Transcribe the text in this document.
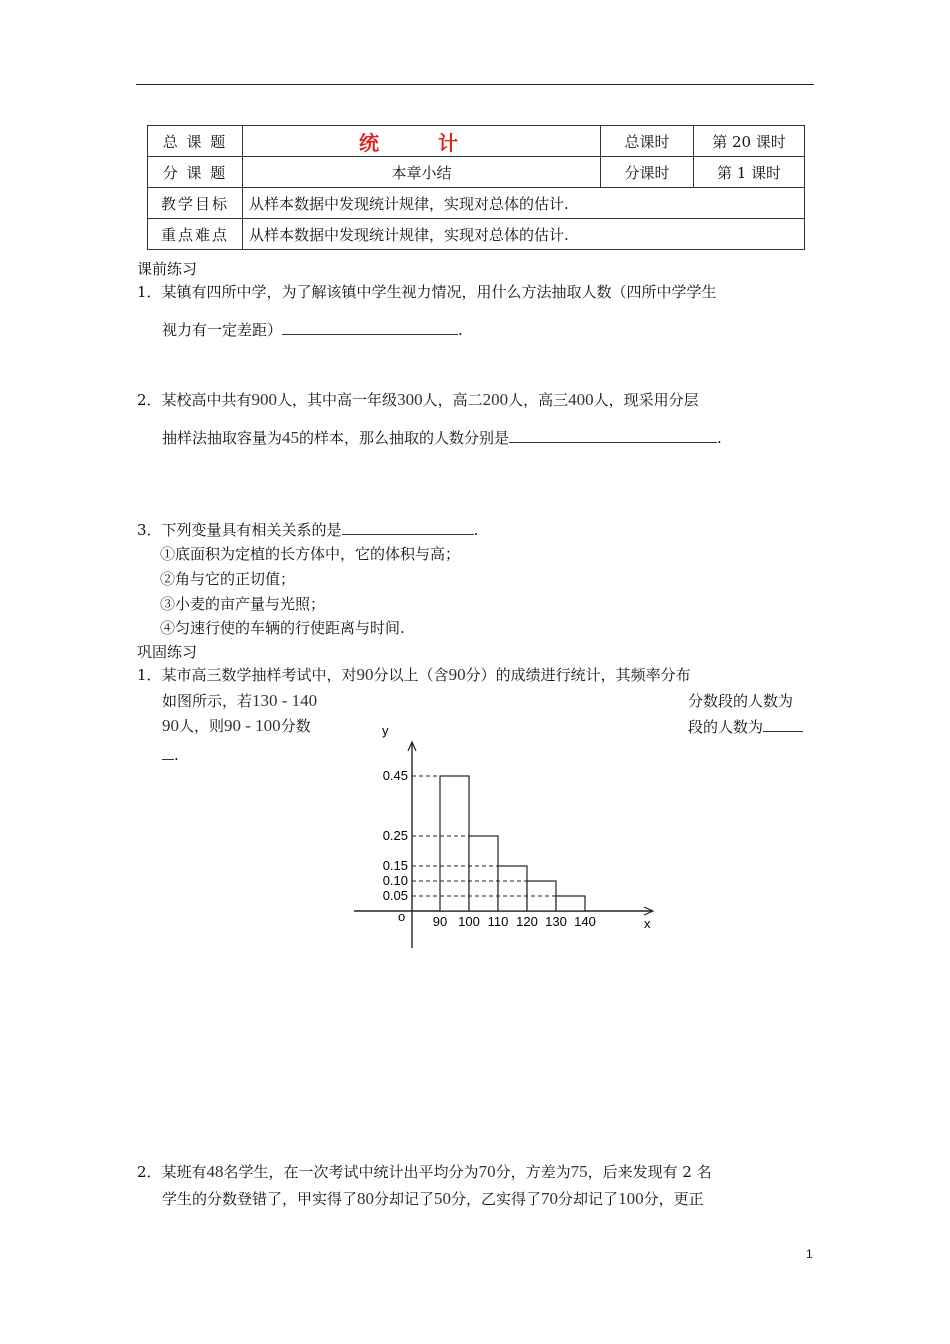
总 课 题	统 计	总课时	第 20 课时
分 课 题	本章小结	分课时	第 1 课时
教学目标	从样本数据中发现统计规律，实现对总体的估计.		
重点难点	从样本数据中发现统计规律，实现对总体的估计.		
课前练习
1．某镇有四所中学，为了解该镇中学生视力情况，用什么方法抽取人数（四所中学学生
视力有一定差距）	.
2．某校高中共有900人，其中高一年级300人，高二200人，高三400人，现采用分层
抽样法抽取容量为45的样本，那么抽取的人数分别是	.
3．下列变量具有相关关系的是	.
①底面积为定植的长方体中，它的体积与高；
②角与它的正切值；
③小麦的亩产量与光照；
④匀速行使的车辆的行使距离与时间.
巩固练习
1．某市高三数学抽样考试中，对90分以上（含90分）的成绩进行统计，其频率分布
如图所示，若130 - 140	分数段的人数为
90人，则90 - 100分数	段的人数为
.
x
y
o
0.45
0.25
0.15
0.10
0.05
90 100 110 120 130 140
2．某班有48名学生，在一次考试中统计出平均分为70分，方差为75，后来发现有 2 名
学生的分数登错了，甲实得了80分却记了50分，乙实得了70分却记了100分，更正
1
